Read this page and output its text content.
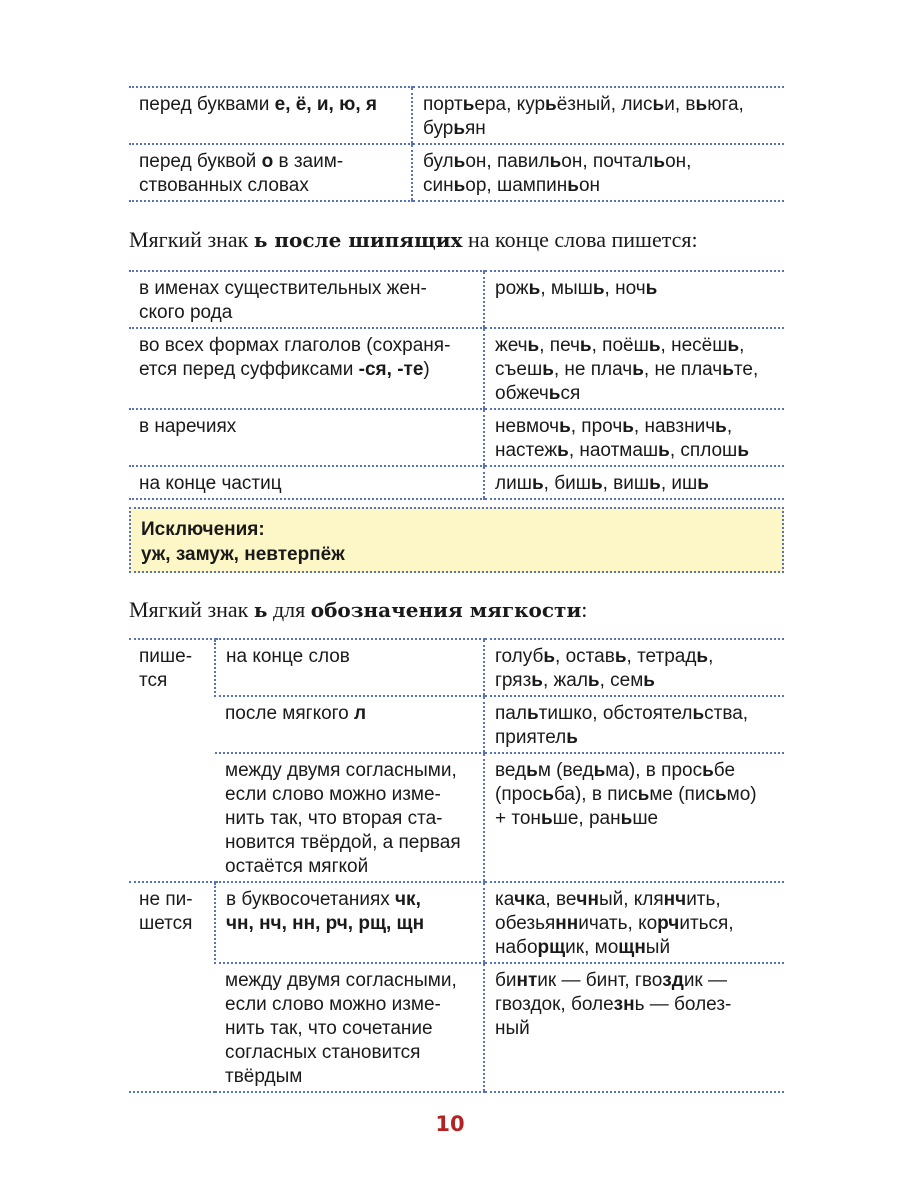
перед буквами е, ё, и, ю, я	портьера, курьёзный, лисьи, вьюга,
бурьян
перед буквой о в заим-
ствованных словах	бульон, павильон, почтальон,
синьор, шампиньон
Мягкий знак ь после шипящих на конце слова пишется:
в именах существительных жен-
ского рода	рожь, мышь, ночь
во всех формах глаголов (сохраня-
ется перед суффиксами -ся, -те)	жечь, печь, поёшь, несёшь,
съешь, не плачь, не плачьте,
обжечься
в наречиях	невмочь, прочь, навзничь,
настежь, наотмашь, сплошь
на конце частиц	лишь, бишь, вишь, ишь
Исключения:
уж, замуж, невтерпёж
Мягкий знак ь для обозначения мягкости:
пише-
тся	на конце слов	голубь, оставь, тетрадь,
грязь, жаль, семь
	после мягкого л	пальтишко, обстоятельства,
приятель
	между двумя согласными,
если слово можно изме-
нить так, что вторая ста-
новится твёрдой, а первая
остаётся мягкой	ведьм (ведьма), в просьбе
(просьба), в письме (письмо)
+ тоньше, раньше
не пи-
шется	в буквосочетаниях чк,
чн, нч, нн, рч, рщ, щн	качка, вечный, клянчить,
обезьянничать, корчиться,
наборщик, мощный
	между двумя согласными,
если слово можно изме-
нить так, что сочетание
согласных становится
твёрдым	бинтик — бинт, гвоздик —
гвоздок, болезнь — болез-
ный
10
